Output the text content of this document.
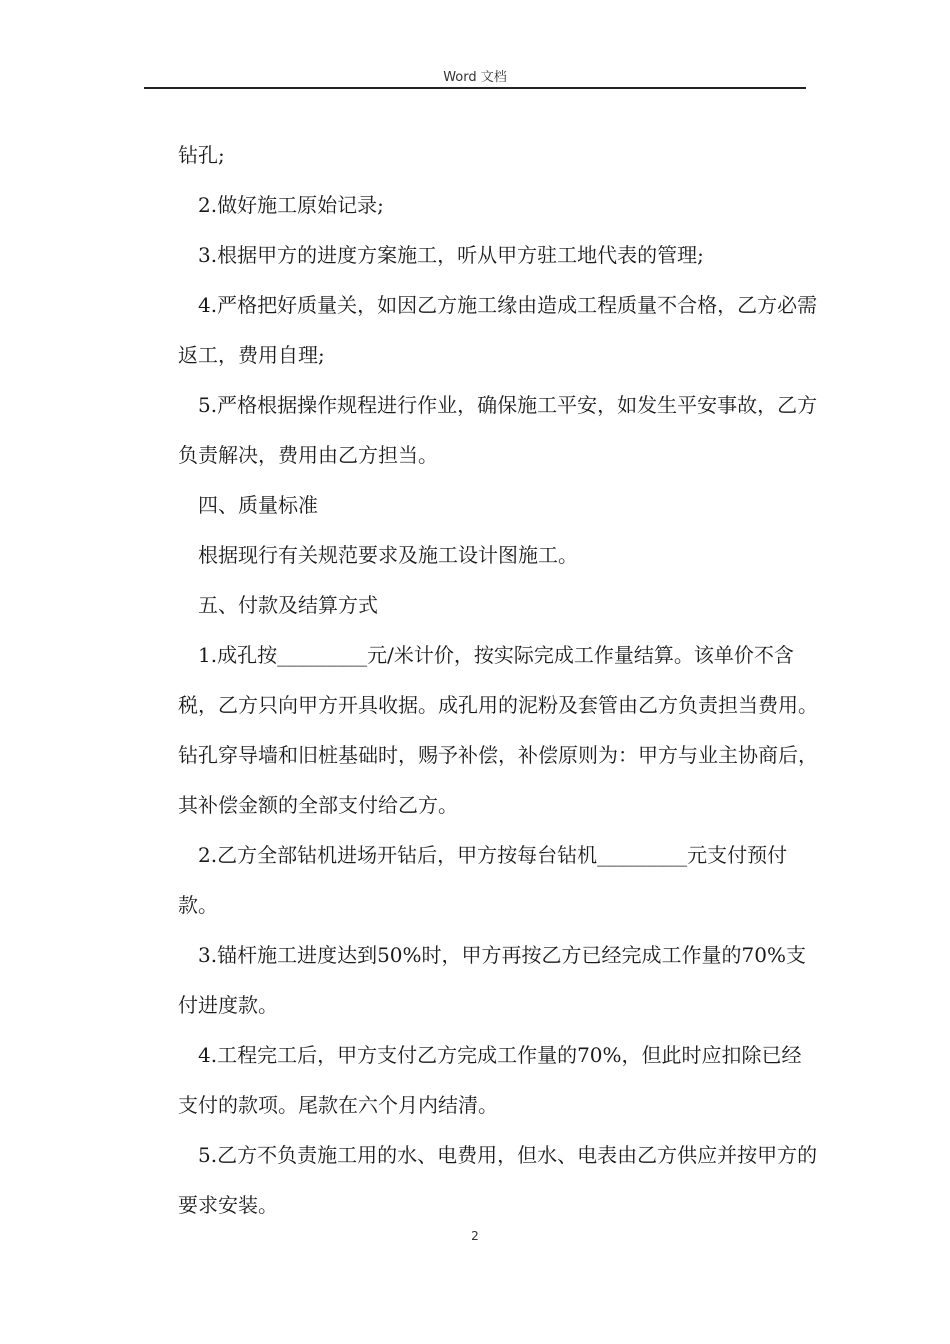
Word 文档

钻孔;

2.做好施工原始记录;

3.根据甲方的进度方案施工，听从甲方驻工地代表的管理;

4.严格把好质量关，如因乙方施工缘由造成工程质量不合格，乙方必需返工，费用自理;

5.严格根据操作规程进行作业，确保施工平安，如发生平安事故，乙方负责解决，费用由乙方担当。

四、质量标准

根据现行有关规范要求及施工设计图施工。

五、付款及结算方式

1.成孔按_________元/米计价，按实际完成工作量结算。该单价不含税，乙方只向甲方开具收据。成孔用的泥粉及套管由乙方负责担当费用。钻孔穿导墙和旧桩基础时，赐予补偿，补偿原则为：甲方与业主协商后，其补偿金额的全部支付给乙方。

2.乙方全部钻机进场开钻后，甲方按每台钻机_________元支付预付款。

3.锚杆施工进度达到50%时，甲方再按乙方已经完成工作量的70%支付进度款。

4.工程完工后，甲方支付乙方完成工作量的70%，但此时应扣除已经支付的款项。尾款在六个月内结清。

5.乙方不负责施工用的水、电费用，但水、电表由乙方供应并按甲方的要求安装。

2
